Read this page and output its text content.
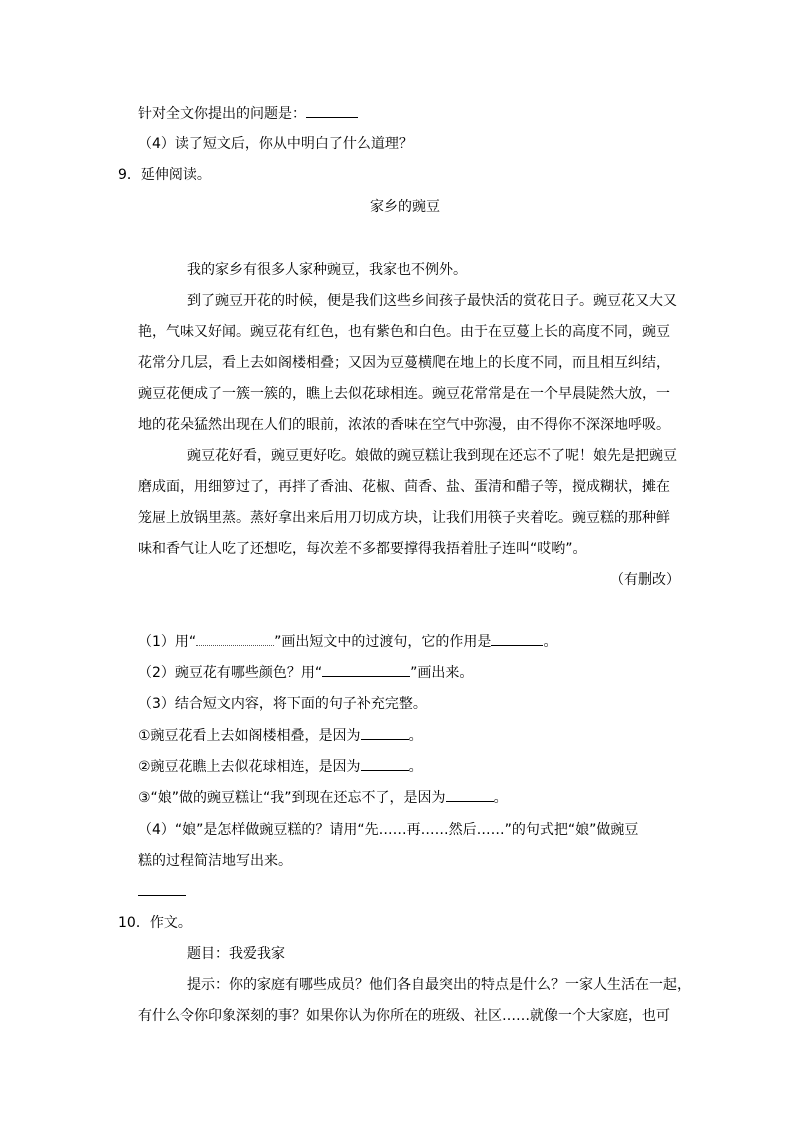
针对全文你提出的问题是：
（4）读了短文后，你从中明白了什么道理？
9．延伸阅读。
家乡的豌豆
我的家乡有很多人家种豌豆，我家也不例外。
到了豌豆开花的时候，便是我们这些乡间孩子最快活的赏花日子。豌豆花又大又
艳，气味又好闻。豌豆花有红色，也有紫色和白色。由于在豆蔓上长的高度不同，豌豆
花常分几层，看上去如阁楼相叠；又因为豆蔓横爬在地上的长度不同，而且相互纠结，
豌豆花便成了一簇一簇的，瞧上去似花球相连。豌豆花常常是在一个早晨陡然大放，一
地的花朵猛然出现在人们的眼前，浓浓的香味在空气中弥漫，由不得你不深深地呼吸。
豌豆花好看，豌豆更好吃。娘做的豌豆糕让我到现在还忘不了呢！娘先是把豌豆
磨成面，用细箩过了，再拌了香油、花椒、茴香、盐、蛋清和醋子等，搅成糊状，摊在
笼屉上放锅里蒸。蒸好拿出来后用刀切成方块，让我们用筷子夹着吃。豌豆糕的那种鲜
味和香气让人吃了还想吃，每次差不多都要撑得我捂着肚子连叫“哎哟”。
（有删改）
（1）用“	”画出短文中的过渡句，它的作用是	。
（2）豌豆花有哪些颜色？用“	”画出来。
（3）结合短文内容，将下面的句子补充完整。
①豌豆花看上去如阁楼相叠，是因为	。
②豌豆花瞧上去似花球相连，是因为	。
③“娘”做的豌豆糕让“我”到现在还忘不了，是因为	。
（4）“娘”是怎样做豌豆糕的？请用“先……再……然后……”的句式把“娘”做豌豆
糕的过程简洁地写出来。
10．作文。
题目：我爱我家
提示：你的家庭有哪些成员？他们各自最突出的特点是什么？一家人生活在一起，
有什么令你印象深刻的事？如果你认为你所在的班级、社区……就像一个大家庭，也可
